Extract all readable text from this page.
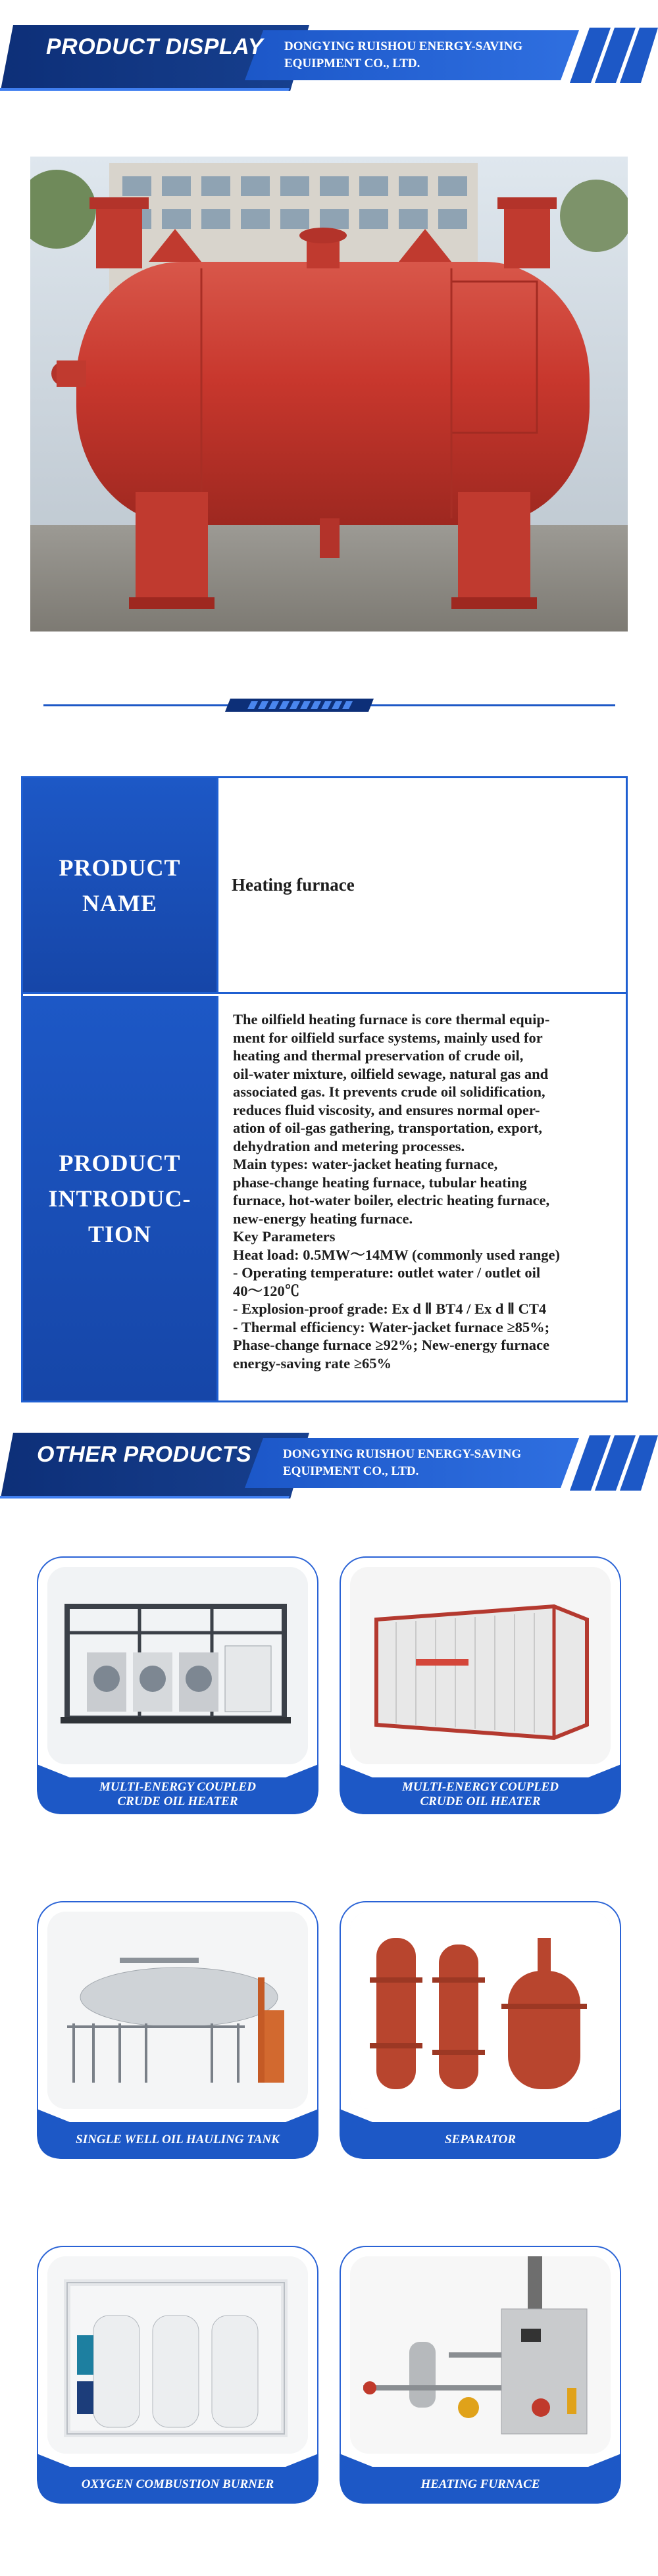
PRODUCT DISPLAY DONGYING RUISHOU ENERGY-SAVING
EQUIPMENT CO., LTD.
PRODUCT
NAME
Heating furnace
PRODUCT
INTRODUC-
TION
The oilfield heating furnace is core thermal equip-
ment for oilfield surface systems, mainly used for
heating and thermal preservation of crude oil,
oil-water mixture, oilfield sewage, natural gas and
associated gas. It prevents crude oil solidification,
reduces fluid viscosity, and ensures normal oper-
ation of oil-gas gathering, transportation, export,
dehydration and metering processes.
Main types: water-jacket heating furnace,
phase-change heating furnace, tubular heating
furnace, hot-water boiler, electric heating furnace,
new-energy heating furnace.
Key Parameters
Heat load: 0.5MW～14MW (commonly used range)
- Operating temperature: outlet water / outlet oil
40～120℃
- Explosion-proof grade: Ex d Ⅱ BT4 / Ex d Ⅱ CT4
- Thermal efficiency: Water-jacket furnace ≥85%;
Phase-change furnace ≥92%; New-energy furnace
energy-saving rate ≥65%
OTHER PRODUCTS	DONGYING RUISHOU ENERGY-SAVING
EQUIPMENT CO., LTD.
MULTI-ENERGY COUPLED
CRUDE OIL HEATER
MULTI-ENERGY COUPLED
CRUDE OIL HEATER
SINGLE WELL OIL HAULING TANK	SEPARATOR
OXYGEN COMBUSTION BURNER	HEATING FURNACE
